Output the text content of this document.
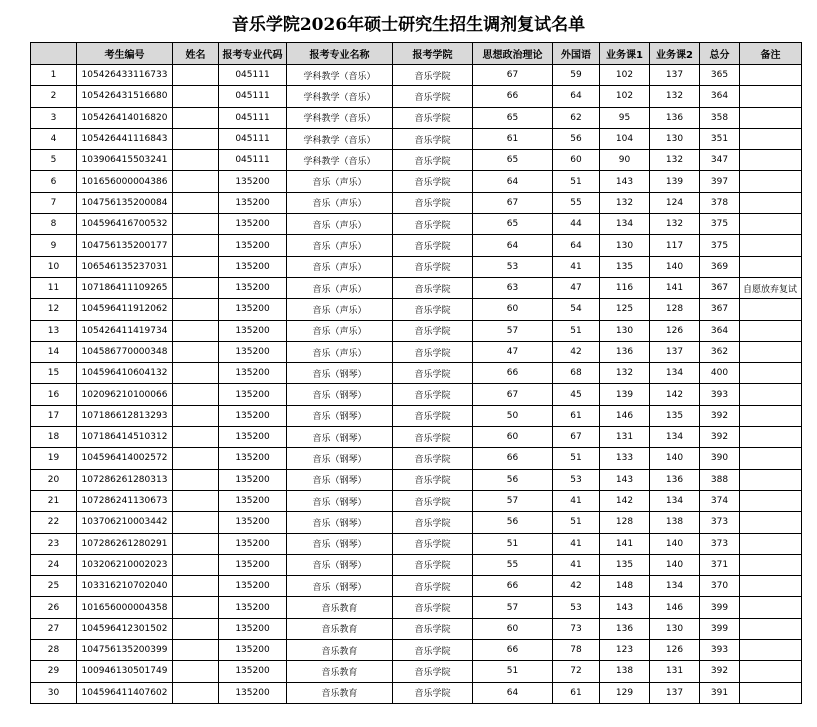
音乐学院2026年硕士研究生招生调剂复试名单
	考生编号	姓名	报考专业代码	报考专业名称	报考学院	思想政治理论	外国语	业务课1	业务课2	总分	备注
1	105426433116733		045111	学科教学（音乐）	音乐学院	67	59	102	137	365	
2	105426431516680		045111	学科教学（音乐）	音乐学院	66	64	102	132	364	
3	105426414016820		045111	学科教学（音乐）	音乐学院	65	62	95	136	358	
4	105426441116843		045111	学科教学（音乐）	音乐学院	61	56	104	130	351	
5	103906415503241		045111	学科教学（音乐）	音乐学院	65	60	90	132	347	
6	101656000004386		135200	音乐（声乐）	音乐学院	64	51	143	139	397	
7	104756135200084		135200	音乐（声乐）	音乐学院	67	55	132	124	378	
8	104596416700532		135200	音乐（声乐）	音乐学院	65	44	134	132	375	
9	104756135200177		135200	音乐（声乐）	音乐学院	64	64	130	117	375	
10	106546135237031		135200	音乐（声乐）	音乐学院	53	41	135	140	369	
11	107186411109265		135200	音乐（声乐）	音乐学院	63	47	116	141	367	自愿放弃复试
12	104596411912062		135200	音乐（声乐）	音乐学院	60	54	125	128	367	
13	105426411419734		135200	音乐（声乐）	音乐学院	57	51	130	126	364	
14	104586770000348		135200	音乐（声乐）	音乐学院	47	42	136	137	362	
15	104596410604132		135200	音乐（钢琴）	音乐学院	66	68	132	134	400	
16	102096210100066		135200	音乐（钢琴）	音乐学院	67	45	139	142	393	
17	107186612813293		135200	音乐（钢琴）	音乐学院	50	61	146	135	392	
18	107186414510312		135200	音乐（钢琴）	音乐学院	60	67	131	134	392	
19	104596414002572		135200	音乐（钢琴）	音乐学院	66	51	133	140	390	
20	107286261280313		135200	音乐（钢琴）	音乐学院	56	53	143	136	388	
21	107286241130673		135200	音乐（钢琴）	音乐学院	57	41	142	134	374	
22	103706210003442		135200	音乐（钢琴）	音乐学院	56	51	128	138	373	
23	107286261280291		135200	音乐（钢琴）	音乐学院	51	41	141	140	373	
24	103206210002023		135200	音乐（钢琴）	音乐学院	55	41	135	140	371	
25	103316210702040		135200	音乐（钢琴）	音乐学院	66	42	148	134	370	
26	101656000004358		135200	音乐教育	音乐学院	57	53	143	146	399	
27	104596412301502		135200	音乐教育	音乐学院	60	73	136	130	399	
28	104756135200399		135200	音乐教育	音乐学院	66	78	123	126	393	
29	100946130501749		135200	音乐教育	音乐学院	51	72	138	131	392	
30	104596411407602		135200	音乐教育	音乐学院	64	61	129	137	391	
